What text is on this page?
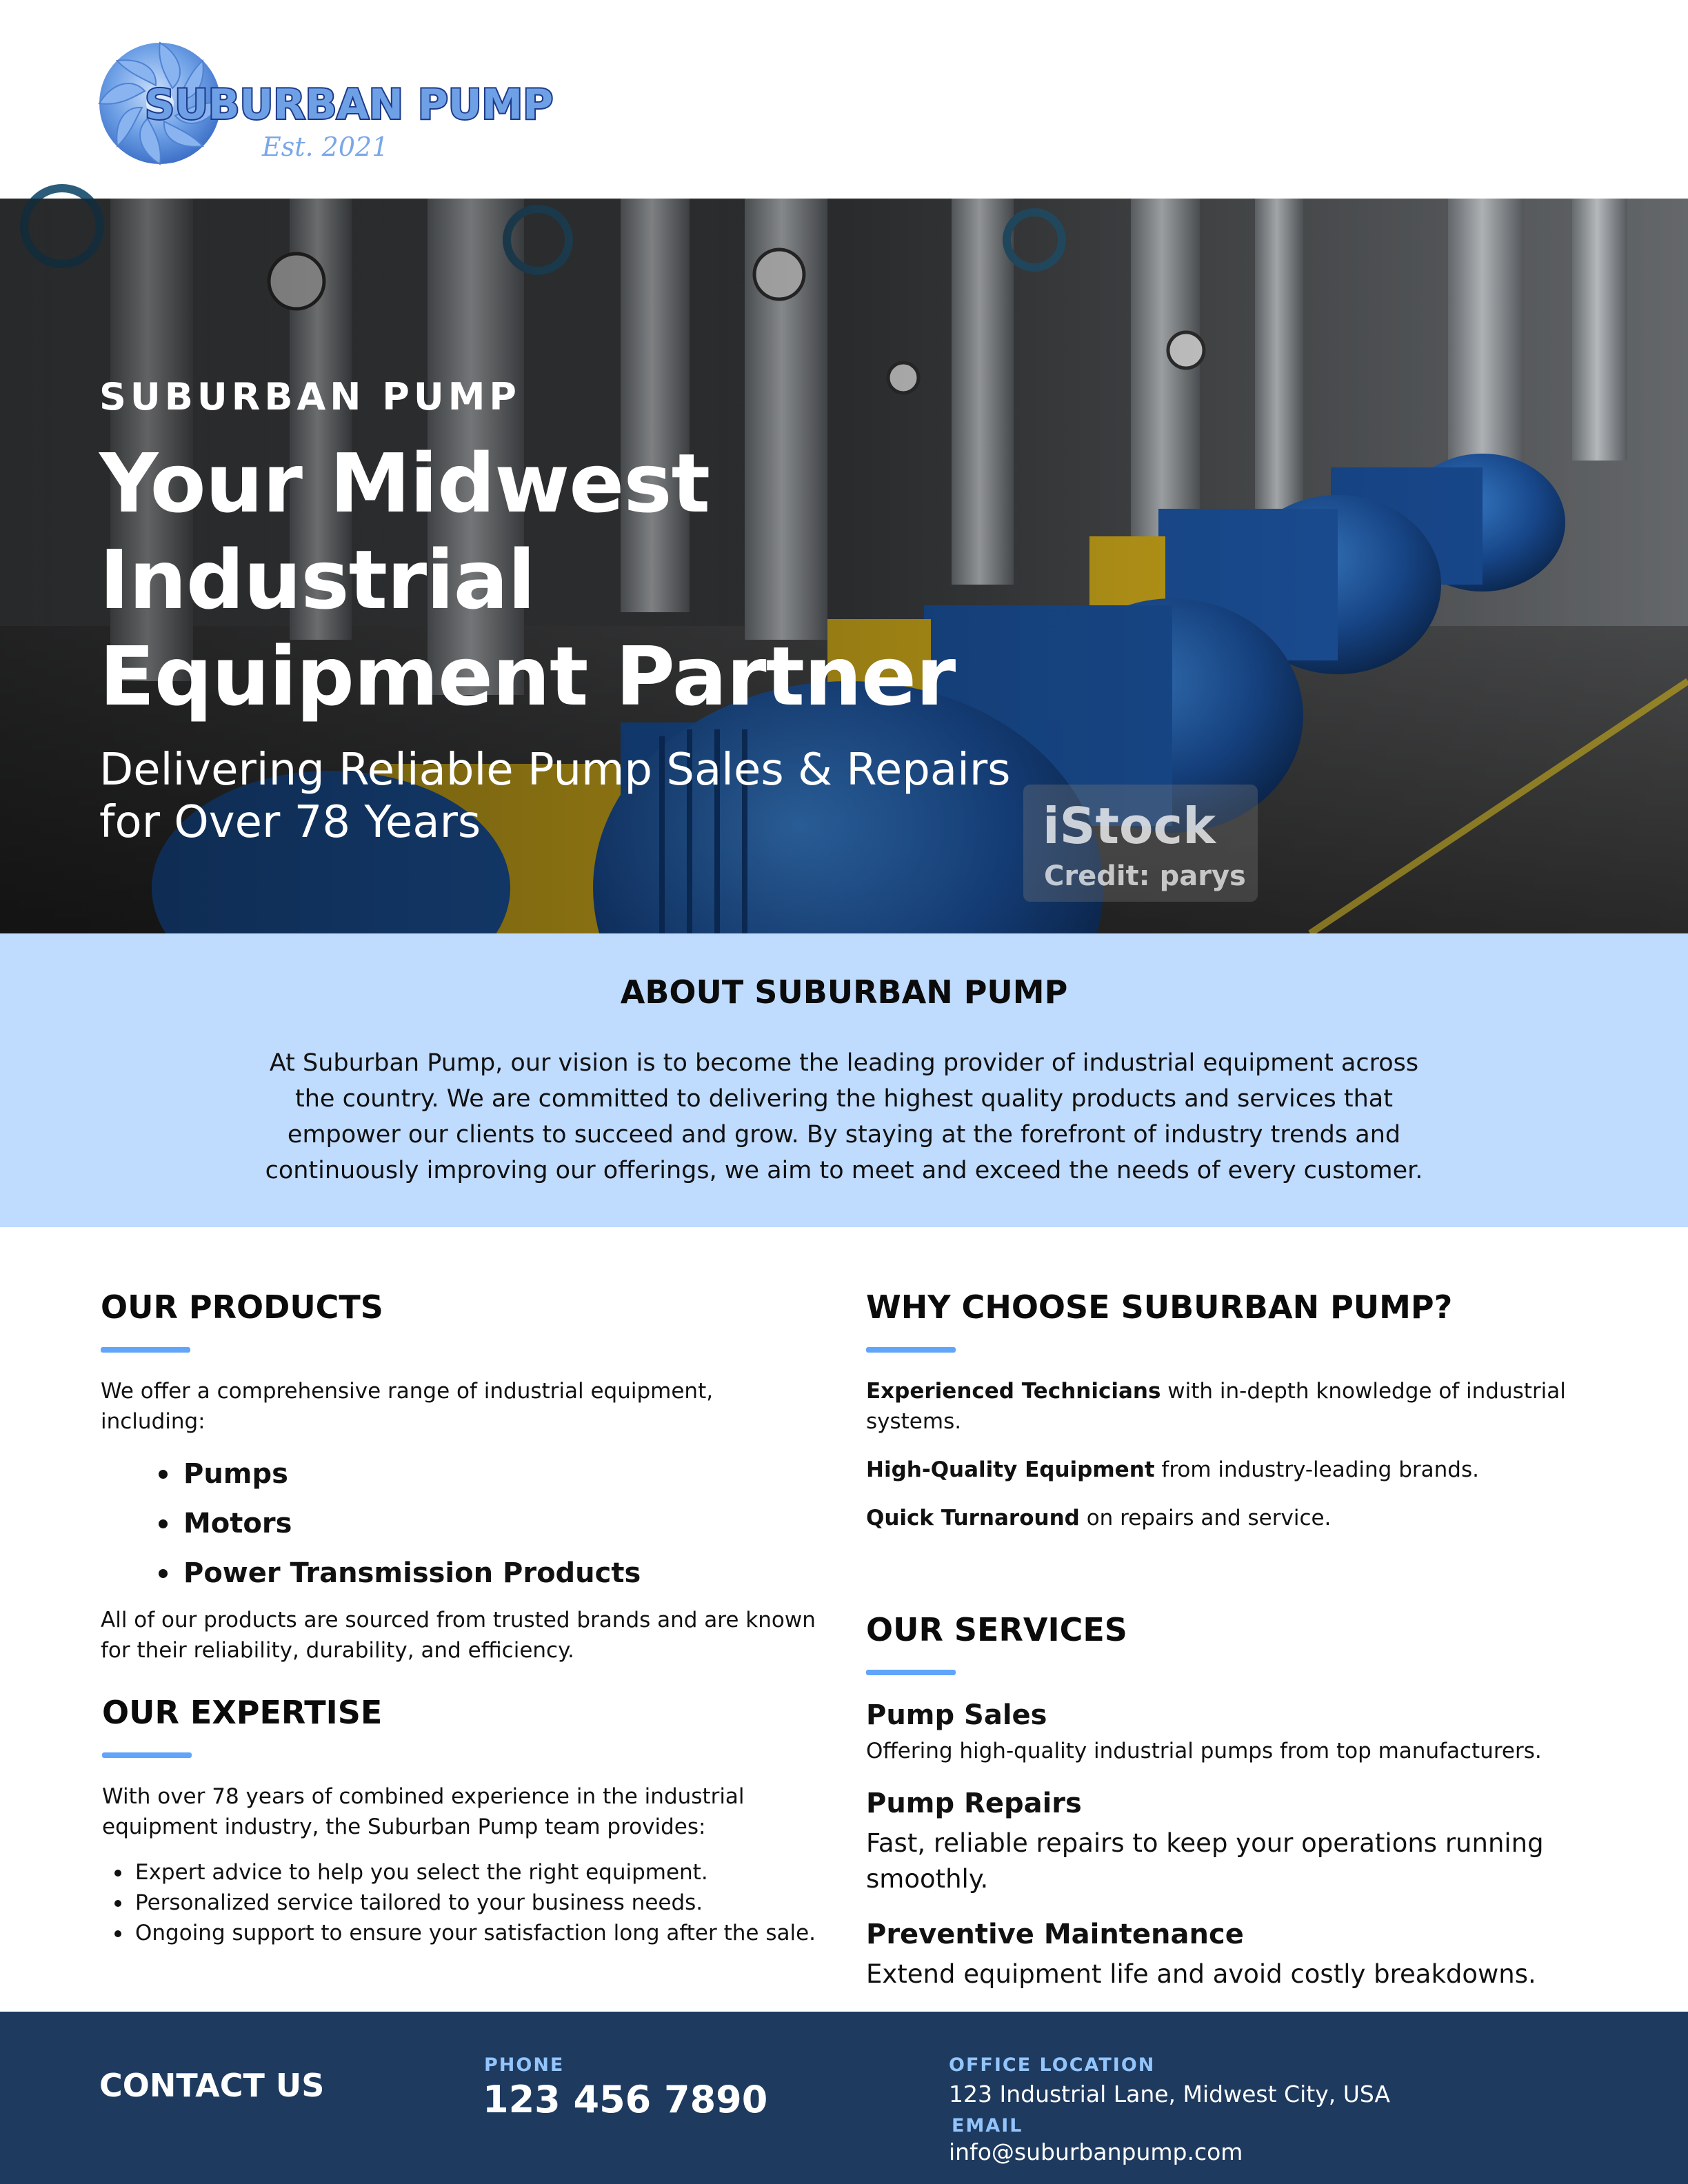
SUBURBAN PUMP
Est. 2021
SUBURBAN PUMP
Your Midwest Industrial
Equipment Partner
Delivering Reliable Pump Sales & Repairs for Over 78 Years	iStock
Credit: parys
ABOUT SUBURBAN PUMP

At Suburban Pump, our vision is to become the leading provider of industrial equipment across the country. We are committed to delivering the highest quality products and services that empower our clients to succeed and grow. By staying at the forefront of industry trends and continuously improving our offerings, we aim to meet and exceed the needs of every customer.

OUR PRODUCTS

We offer a comprehensive range of industrial equipment, including:

Pumps
Motors
Power Transmission Products

All of our products are sourced from trusted brands and are known for their reliability, durability, and efficiency.

OUR EXPERTISE

With over 78 years of combined experience in the industrial equipment industry, the Suburban Pump team provides:

Expert advice to help you select the right equipment.
Personalized service tailored to your business needs.
Ongoing support to ensure your satisfaction long after the sale.
WHY CHOOSE SUBURBAN PUMP?

Experienced Technicians with in-depth knowledge of industrial systems.

High-Quality Equipment from industry-leading brands.

Quick Turnaround on repairs and service.

OUR SERVICES
Pump Sales
Offering high-quality industrial pumps from top manufacturers.
Pump Repairs
Fast, reliable repairs to keep your operations running smoothly.
Preventive Maintenance
Extend equipment life and avoid costly breakdowns.
CONTACT US
PHONE
123 456 7890
OFFICE LOCATION
123 Industrial Lane, Midwest City, USA
EMAIL
info@suburbanpump.com
